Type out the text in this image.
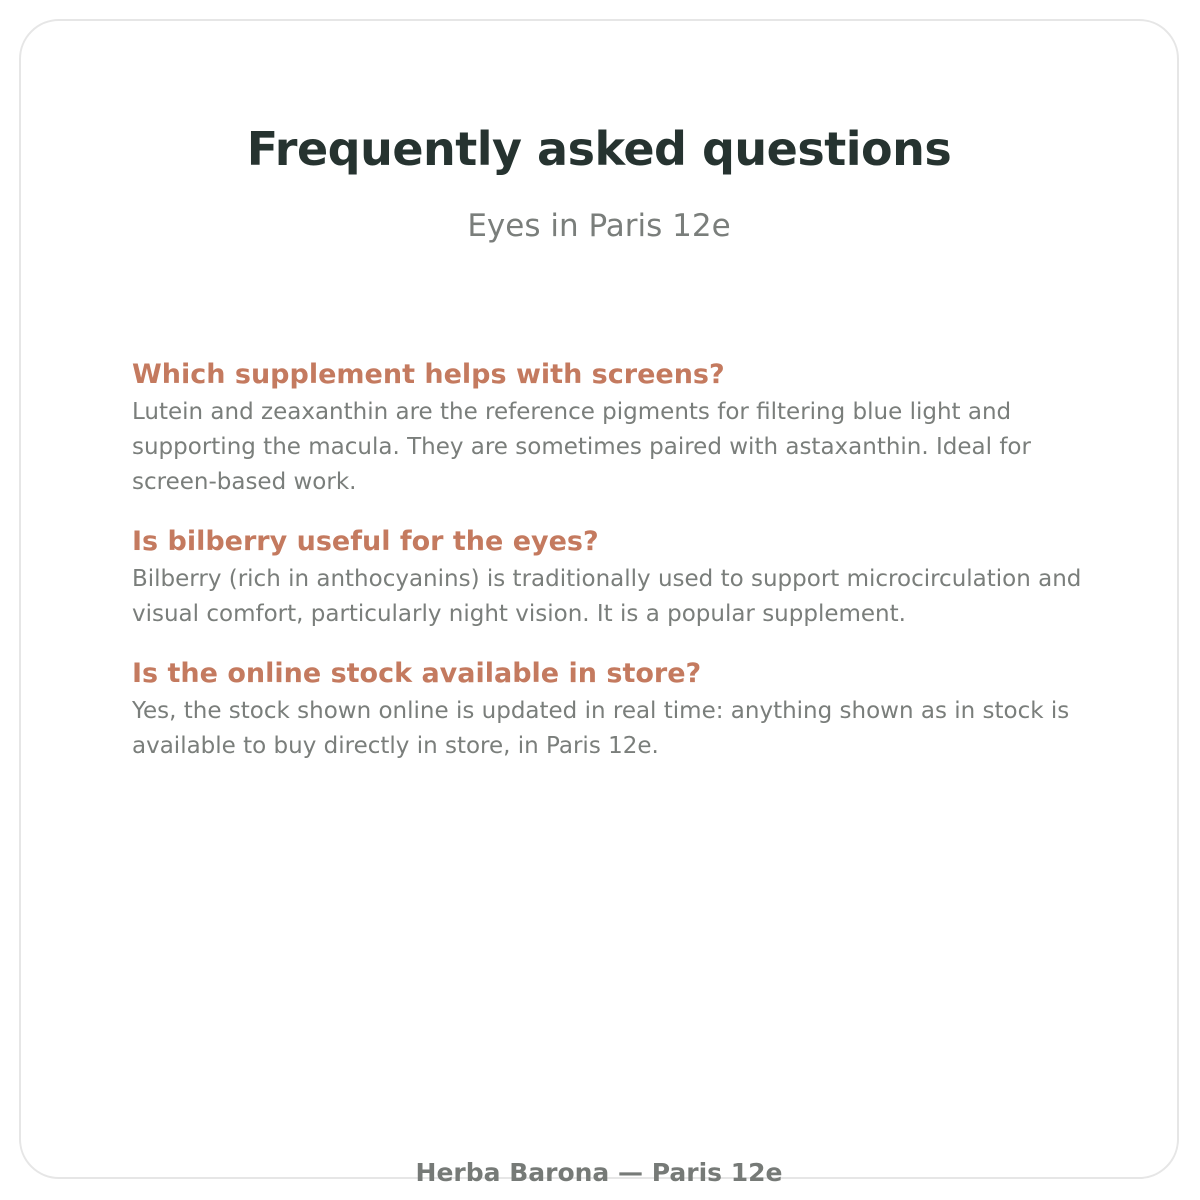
Frequently asked questions
Eyes in Paris 12e

Which supplement helps with screens?

Lutein and zeaxanthin are the reference pigments for filtering blue light and supporting the macula. They are sometimes paired with astaxanthin. Ideal for screen-based work.

Is bilberry useful for the eyes?

Bilberry (rich in anthocyanins) is traditionally used to support microcirculation and visual comfort, particularly night vision. It is a popular supplement.

Is the online stock available in store?

Yes, the stock shown online is updated in real time: anything shown as in stock is available to buy directly in store, in Paris 12e.

Herba Barona — Paris 12e
